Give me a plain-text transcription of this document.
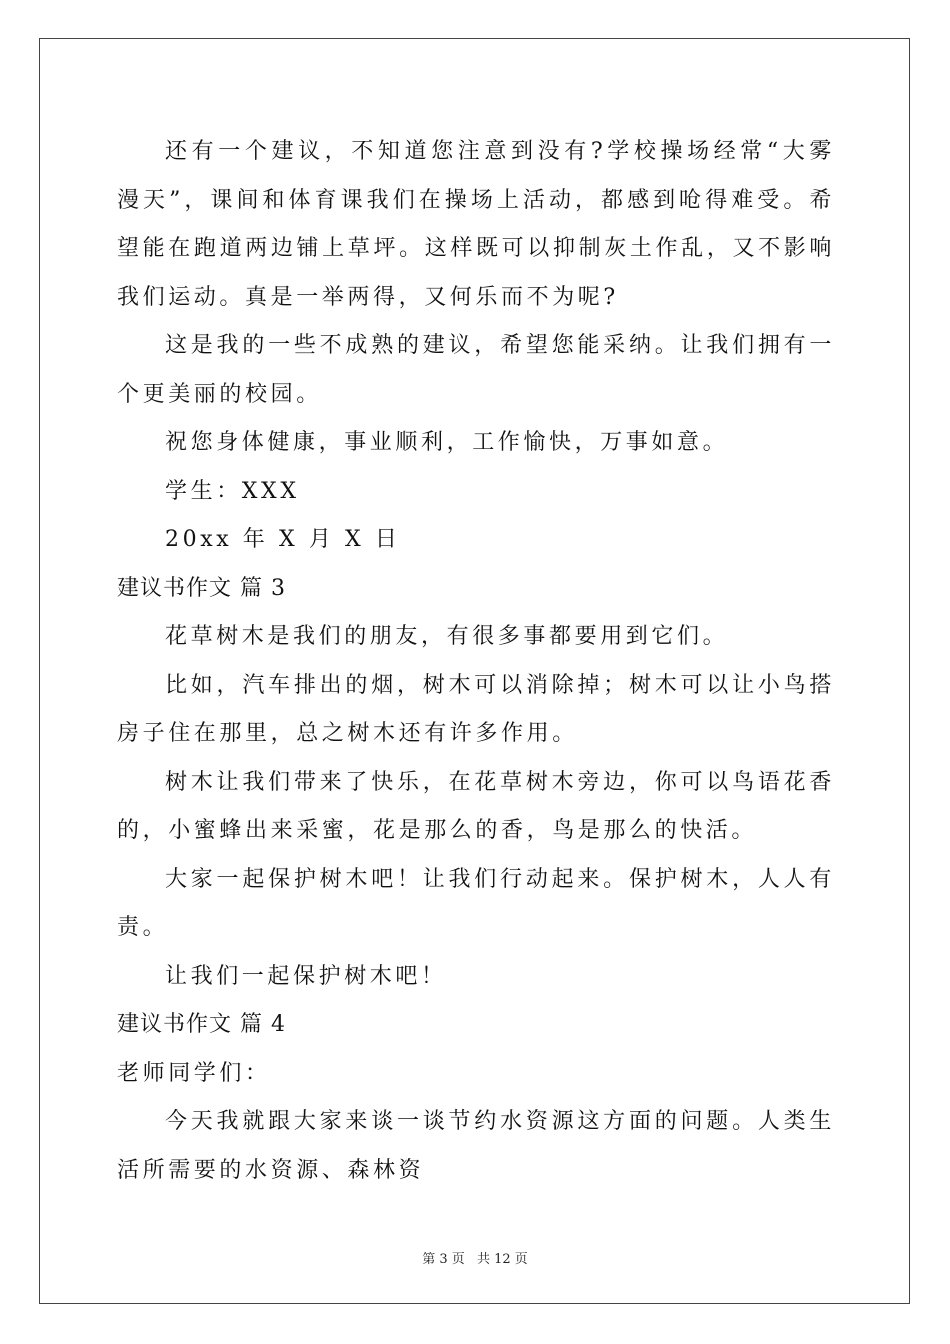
还有一个建议，不知道您注意到没有?学校操场经常“大雾漫天”，课间和体育课我们在操场上活动，都感到呛得难受。希望能在跑道两边铺上草坪。这样既可以抑制灰土作乱，又不影响我们运动。真是一举两得，又何乐而不为呢?

这是我的一些不成熟的建议，希望您能采纳。让我们拥有一个更美丽的校园。

祝您身体健康，事业顺利，工作愉快，万事如意。

学生：XXX

20xx 年 X 月 X 日

建议书作文 篇 3

花草树木是我们的朋友，有很多事都要用到它们。

比如，汽车排出的烟，树木可以消除掉；树木可以让小鸟搭房子住在那里，总之树木还有许多作用。

树木让我们带来了快乐，在花草树木旁边，你可以鸟语花香的，小蜜蜂出来采蜜，花是那么的香，鸟是那么的快活。

大家一起保护树木吧！让我们行动起来。保护树木，人人有责。

让我们一起保护树木吧！

建议书作文 篇 4

老师同学们：

今天我就跟大家来谈一谈节约水资源这方面的问题。人类生活所需要的水资源、森林资

第 3 页 共 12 页
